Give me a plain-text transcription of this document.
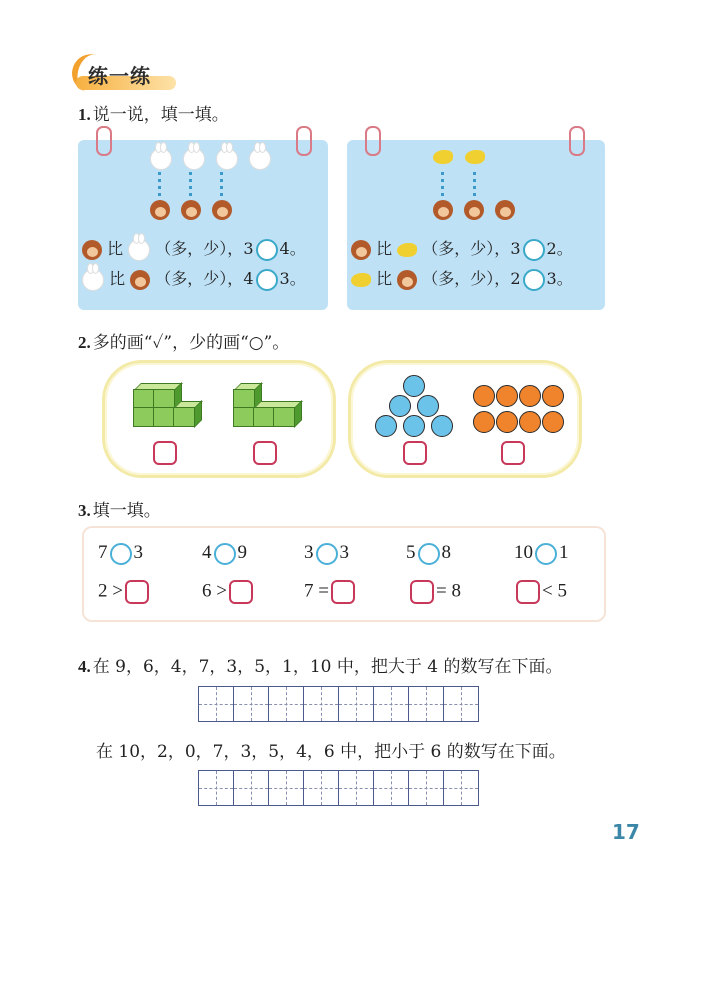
练一练
1. 说一说，填一填。
比 （多，少），3 4。
比 （多，少），4 3。
比 （多，少），3 2。
比 （多，少），2 3。
2. 多的画“✓”，少的画“○”。
3. 填一填。
7 3	4 9	3 3	5 8	10 1
2 >	6 >	7 =	= 8	< 5
4. 在 9，6，4，7，3，5，1，10 中，把大于 4 的数写在下面。
在 10，2，0，7，3，5，4，6 中，把小于 6 的数写在下面。
17
